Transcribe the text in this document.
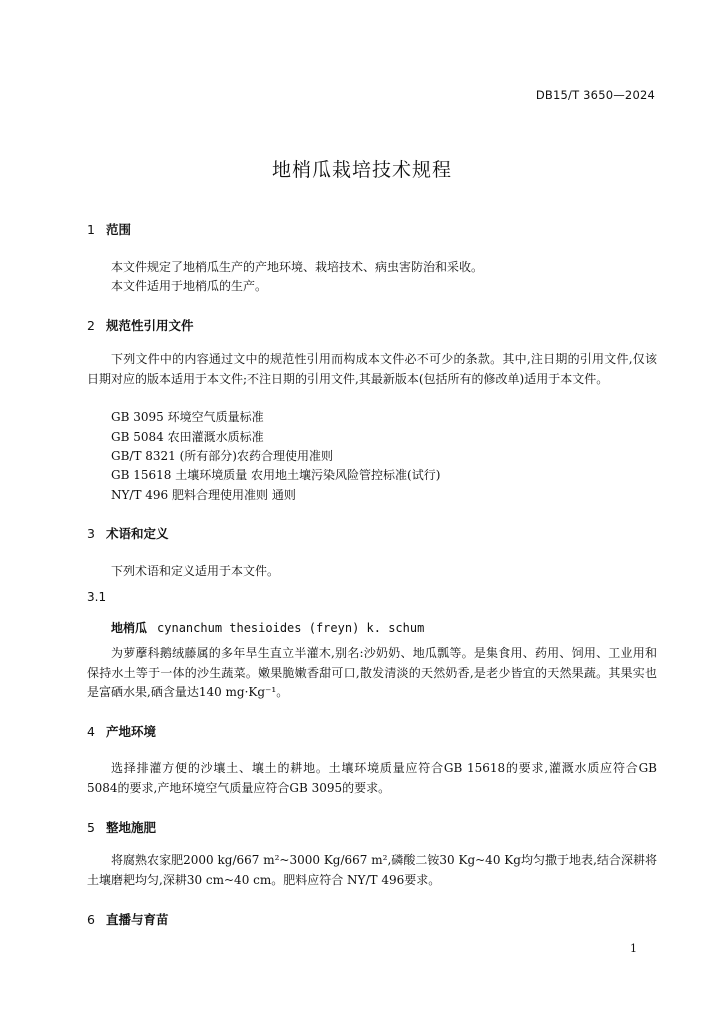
DB15/T 3650—2024
地梢瓜栽培技术规程
1 范围
本文件规定了地梢瓜生产的产地环境、栽培技术、病虫害防治和采收。
本文件适用于地梢瓜的生产。
2 规范性引用文件
下列文件中的内容通过文中的规范性引用而构成本文件必不可少的条款。其中,注日期的引用文件,仅该日期对应的版本适用于本文件;不注日期的引用文件,其最新版本(包括所有的修改单)适用于本文件。
GB 3095 环境空气质量标准
GB 5084 农田灌溉水质标准
GB/T 8321 (所有部分)农药合理使用准则
GB 15618 土壤环境质量 农用地土壤污染风险管控标准(试行)
NY/T 496 肥料合理使用准则 通则
3 术语和定义
下列术语和定义适用于本文件。
3.1
地梢瓜 cynanchum thesioides (freyn) k. schum
为萝藦科鹅绒藤属的多年旱生直立半灌木,别名:沙奶奶、地瓜瓢等。是集食用、药用、饲用、工业用和保持水土等于一体的沙生蔬菜。嫩果脆嫩香甜可口,散发清淡的天然奶香,是老少皆宜的天然果蔬。其果实也是富硒水果,硒含量达140 mg·Kg⁻¹。
4 产地环境
选择排灌方便的沙壤土、壤土的耕地。土壤环境质量应符合GB 15618的要求,灌溉水质应符合GB 5084的要求,产地环境空气质量应符合GB 3095的要求。
5 整地施肥
将腐熟农家肥2000 kg/667 m²~3000 Kg/667 m²,磷酸二铵30 Kg~40 Kg均匀撒于地表,结合深耕将土壤磨耙均匀,深耕30 cm~40 cm。肥料应符合 NY/T 496要求。
6 直播与育苗
1
